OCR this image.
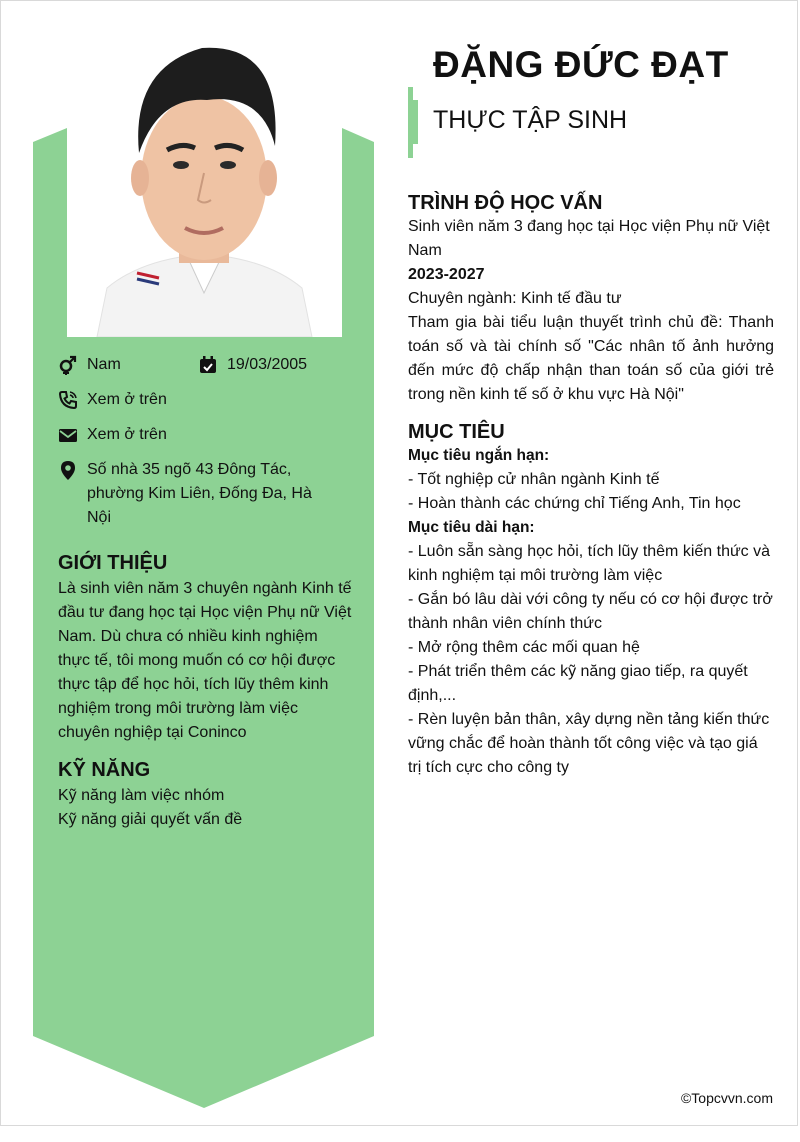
Nam	19/03/2005
Xem ở trên
Xem ở trên
Số nhà 35 ngõ 43 Đông Tác, phường Kim Liên, Đống Đa, Hà Nội
GIỚI THIỆU

Là sinh viên năm 3 chuyên ngành Kinh tế đầu tư đang học tại Học viện Phụ nữ Việt Nam. Dù chưa có nhiều kinh nghiệm thực tế, tôi mong muốn có cơ hội được thực tập để học hỏi, tích lũy thêm kinh nghiệm trong môi trường làm việc chuyên nghiệp tại Coninco

KỸ NĂNG
Kỹ năng làm việc nhóm
Kỹ năng giải quyết vấn đề
ĐẶNG ĐỨC ĐẠT
THỰC TẬP SINH
TRÌNH ĐỘ HỌC VẤN

Sinh viên năm 3 đang học tại Học viện Phụ nữ Việt Nam

2023-2027

Chuyên ngành: Kinh tế đầu tư

Tham gia bài tiểu luận thuyết trình chủ đề: Thanh toán số và tài chính số "Các nhân tố ảnh hưởng đến mức độ chấp nhận than toán số của giới trẻ trong nền kinh tế số ở khu vực Hà Nội"

MỤC TIÊU

Mục tiêu ngắn hạn:

- Tốt nghiệp cử nhân ngành Kinh tế

- Hoàn thành các chứng chỉ Tiếng Anh, Tin học

Mục tiêu dài hạn:

- Luôn sẵn sàng học hỏi, tích lũy thêm kiến thức và kinh nghiệm tại môi trường làm việc

- Gắn bó lâu dài với công ty nếu có cơ hội được trở thành nhân viên chính thức

- Mở rộng thêm các mối quan hệ

- Phát triển thêm các kỹ năng giao tiếp, ra quyết định,...

- Rèn luyện bản thân, xây dựng nền tảng kiến thức vững chắc để hoàn thành tốt công việc và tạo giá trị tích cực cho công ty

©Topcvvn.com
